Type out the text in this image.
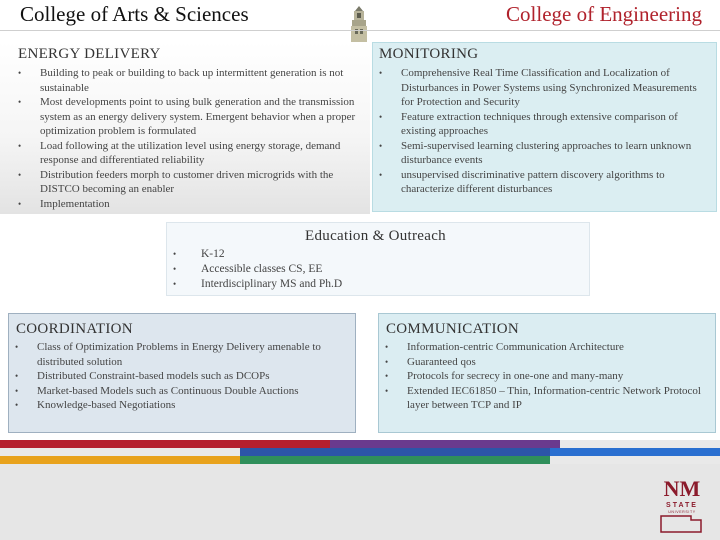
College of Arts & Sciences	College of Engineering
ENERGY DELIVERY
• Building to peak or building to back up intermittent generation is not sustainable
• Most developments point to using bulk generation and the transmission system as an energy delivery system. Emergent behavior when a proper optimization problem is formulated
• Load following at the utilization level using energy storage, demand response and differentiated reliability
• Distribution feeders morph to customer driven microgrids with the DISTCO becoming an enabler
• Implementation
MONITORING
• Comprehensive Real Time Classification and Localization of Disturbances in Power Systems using Synchronized Measurements for Protection and Security
• Feature extraction techniques through extensive comparison of existing approaches
• Semi-supervised learning clustering approaches to learn unknown disturbance events
• unsupervised discriminative pattern discovery algorithms to characterize different disturbances
Education & Outreach
• K-12
• Accessible classes CS, EE
• Interdisciplinary MS and Ph.D
COORDINATION
• Class of Optimization Problems in Energy Delivery amenable to distributed solution
• Distributed Constraint-based models such as DCOPs
• Market-based Models such as Continuous Double Auctions
• Knowledge-based Negotiations
COMMUNICATION
• Information-centric Communication Architecture
• Guaranteed qos
• Protocols for secrecy in one-one and many-many
• Extended IEC61850 – Thin, Information-centric Network Protocol layer between TCP and IP
NM
STATE
UNIVERSITY
